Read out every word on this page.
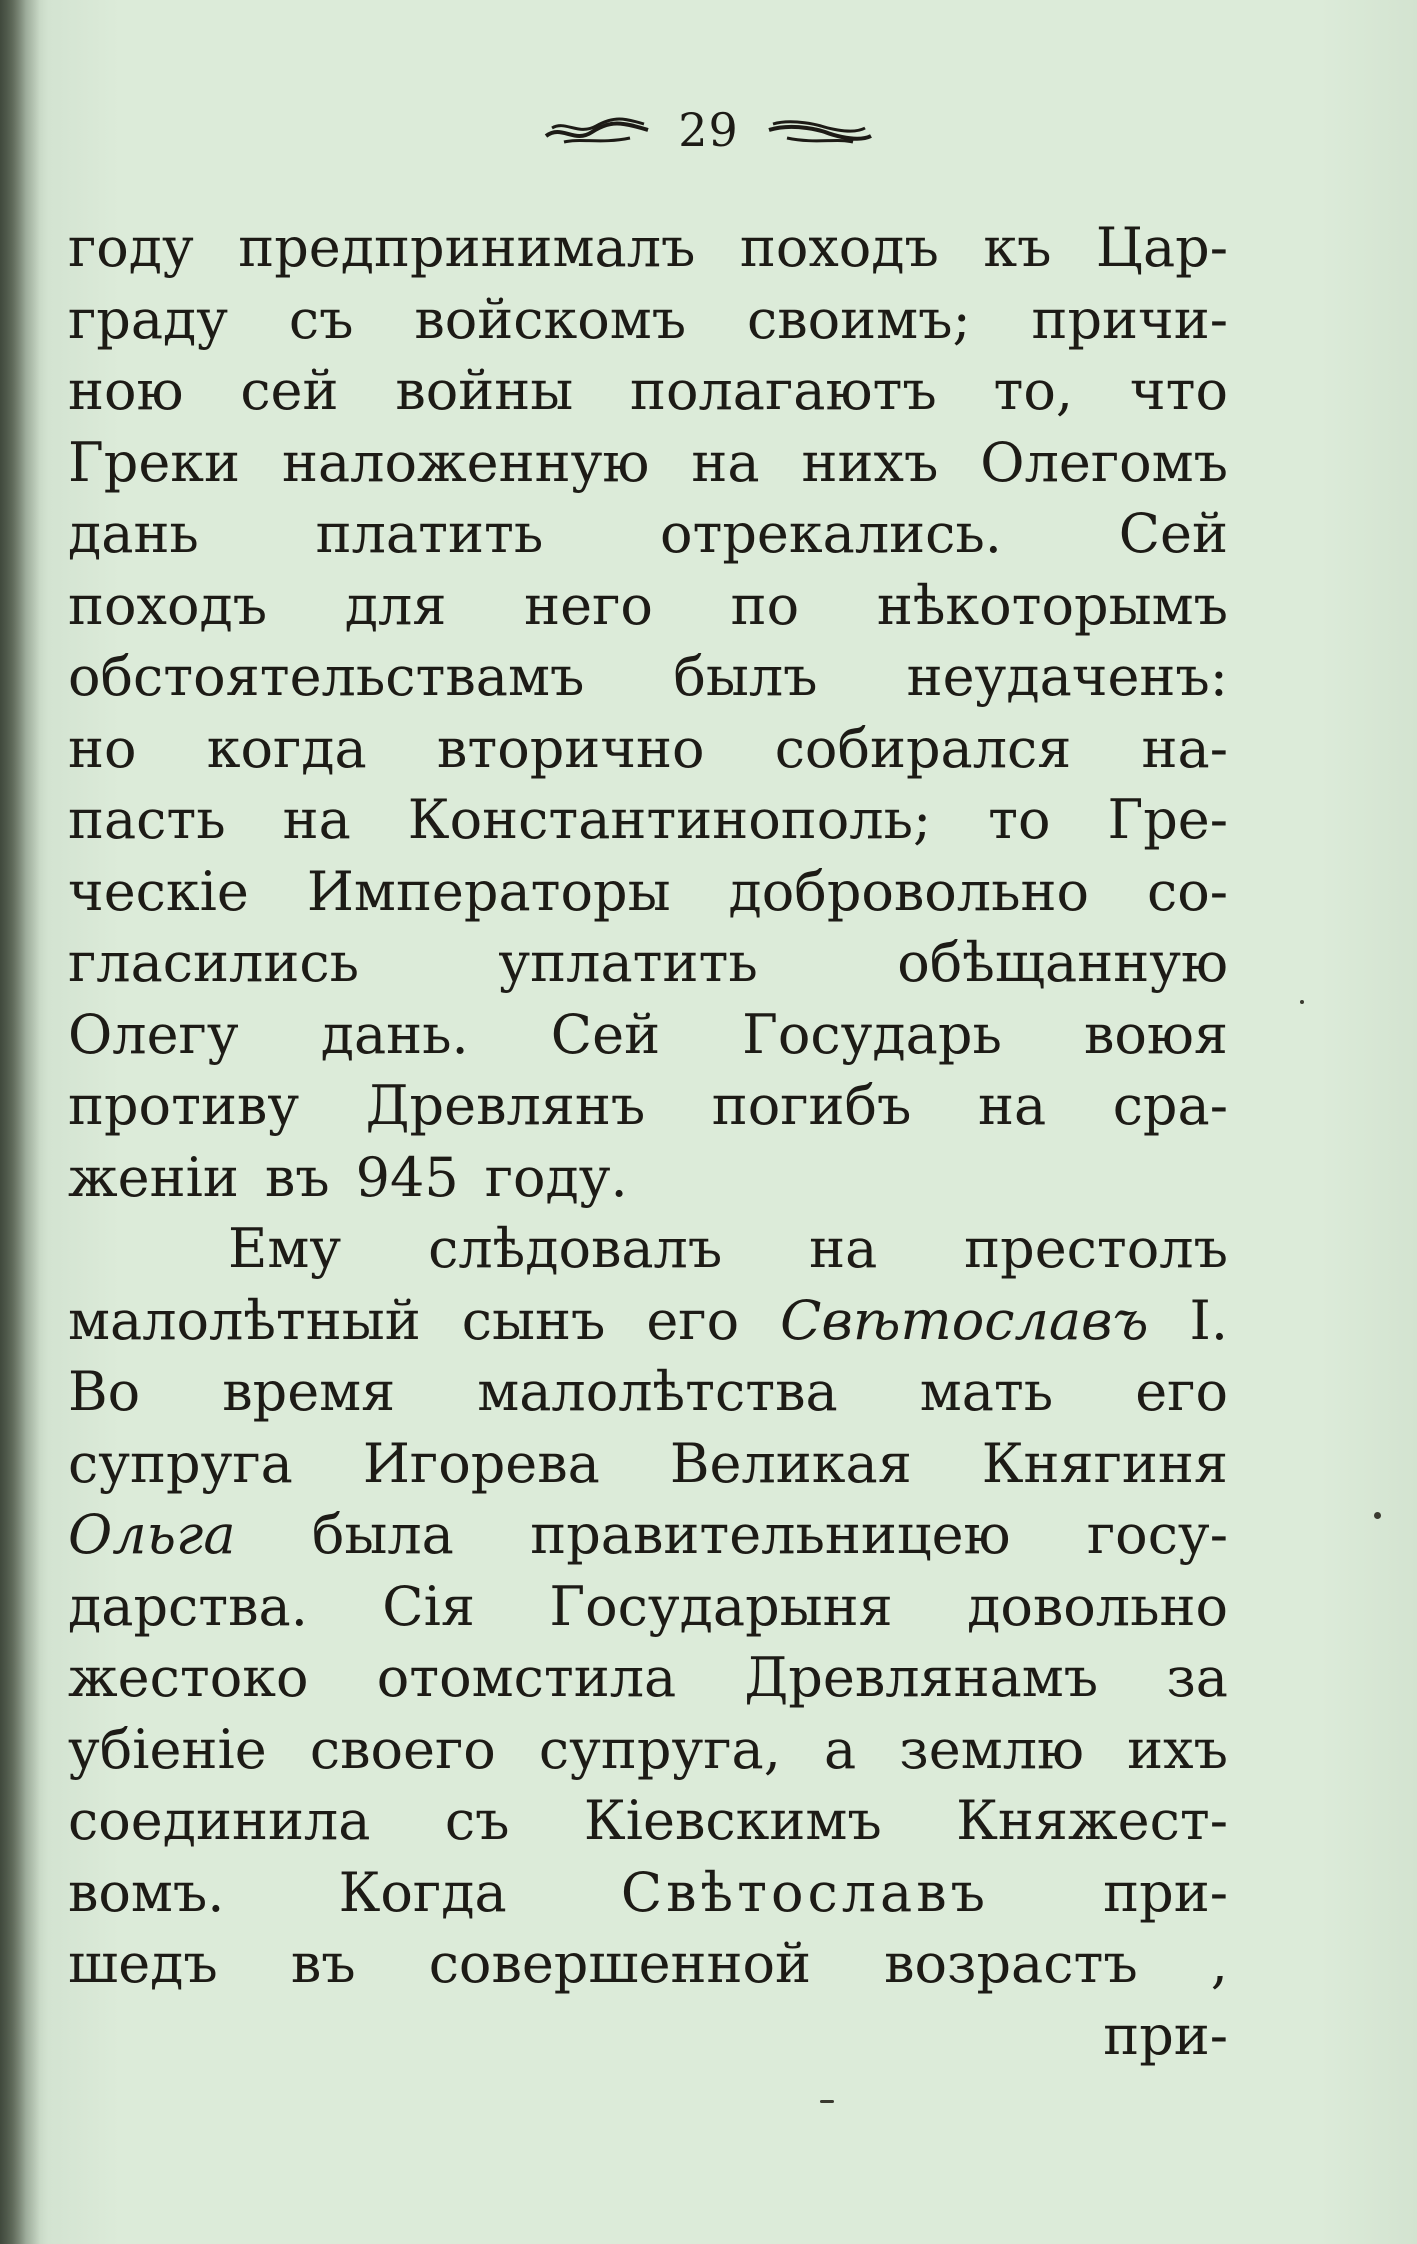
29
году предпринималъ походъ къ Цар-
граду съ войскомъ своимъ; причи-
ною сей войны полагаютъ то, что
Греки наложенную на нихъ Олегомъ
дань платить отрекались. Сей
походъ для него по нѣкоторымъ
обстоятельствамъ былъ неудаченъ:
но когда вторично собирался на-
пасть на Константинополь; то Гре-
ческіе Императоры добровольно со-
гласились	уплатить	обѣщанную
Олегу дань. Сей Государь воюя
противу Древлянъ погибъ на сра-
женіи въ 945 году.
Ему слѣдовалъ на престолъ
малолѣтный сынъ его Свѣтославъ I.
Во время малолѣтства мать его
супруга Игорева Великая Княгиня
Ольга была правительницею госу-
дарства. Сія Государыня довольно
жестоко отомстила Древлянамъ за
убіеніе своего супруга, а землю ихъ
соединила съ Кіевскимъ Княжест-
вомъ. Когда Свѣтославъ при-
шедъ въ совершенной возрастъ ,
при-
